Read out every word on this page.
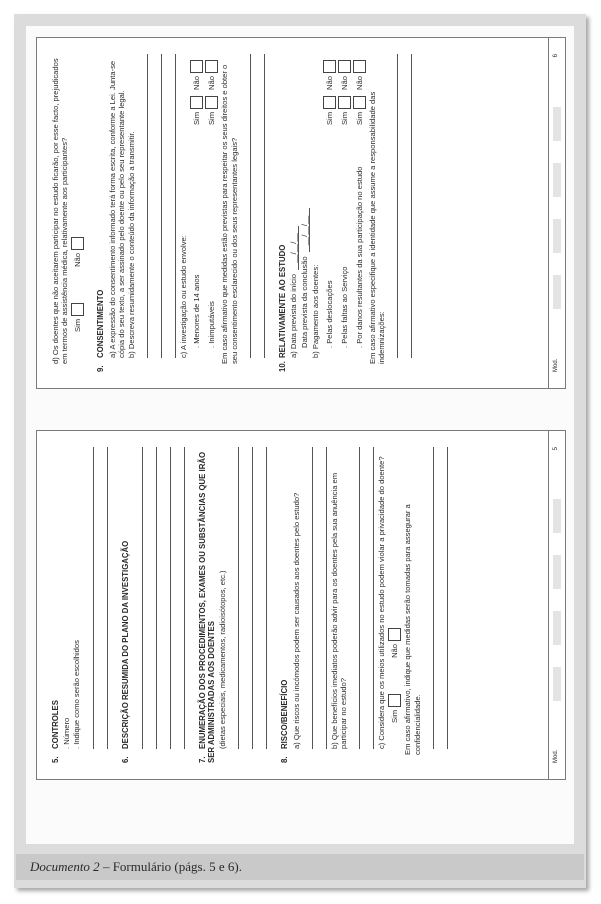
d) Os doentes que não aceitarem participar no estudo ficarão, por esse facto, prejudicados em termos de assistência médica, relativamente aos participantes? Sim
Não
9.CONSENTIMENTO a) A expressão do consentimento informado terá forma escrita, conforme a Lei. Junta-se cópia do seu texto, a ser assinado pelo doente ou pelo seu representante legal. b) Descreva resumidamente o conteúdo da informação a transmitir.	c) A investigação ou estudo envolve: . Menores de 14 anos
Sim
Não
. Inimputáveis
Sim
Não Em caso afirmativo que medidas estão previstas para respeitar os seus direitos e obter o seu consentimento esclarecido ou dos seus representantes legais?
10.RELATIVAMENTE AO ESTUDO a) Data prevista do início__/__/__
Data prevista da conclusão__/__/__
b) Pagamento aos doentes: . Pelas deslocações
Sim
Não
. Pelas faltas ao Serviço
Sim
Não
. Por danos resultantes da sua participação no estudo
Sim
Não
Em caso afirmativo especifique a identidade que assume a responsabilidade das indemnizações:
Mod.
6
5.CONTROLES . Número . Indique como serão escolhidos
6.DESCRIÇÃO RESUMIDA DO PLANO DA INVESTIGAÇÃO
7.ENUMERAÇÃO DOS PROCEDIMENTOS, EXAMES OU SUBSTÂNCIAS QUE IRÃO SER ADMINISTRADAS AOS DOENTES (dietas especiais, medicamentos, radioisótopos, etc.)
8.RISCO/BENEFÍCIO a) Que riscos ou incómodos podem ser causados aos doentes pelo estudo?	b) Que benefícios imediatos poderão advir para os doentes pela sua anuência em participar no estudo?	c) Considera que os meios utilizados no estudo podem violar a privacidade do doente? Sim
Não Em caso afirmativo, indique que medidas serão tomadas para assegurar a confidencialidade.
Mod.
5
Documento 2 – Formulário (págs. 5 e 6).
